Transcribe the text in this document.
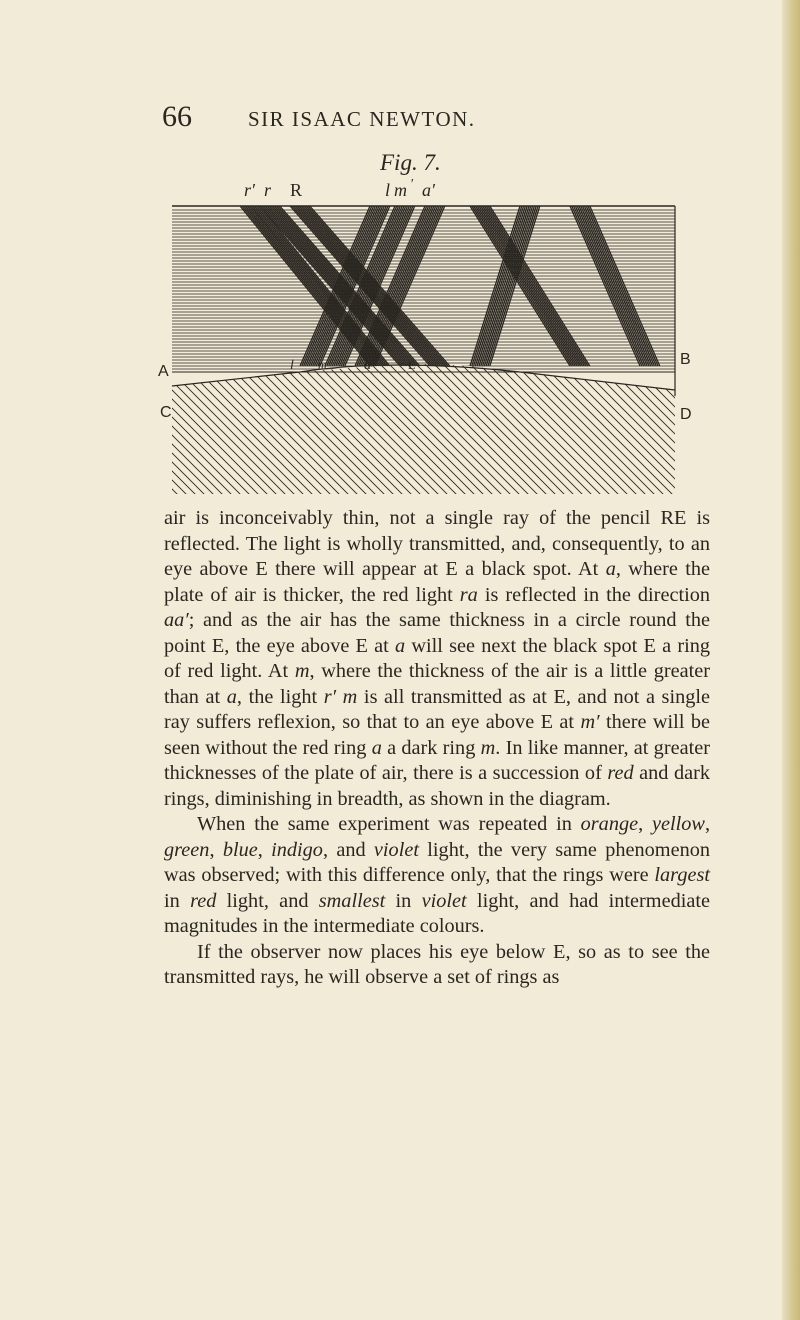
66	SIR ISAAC NEWTON.
Fig. 7.
r′ r R	l m ′ a′
A
B
C	D
l m	a	E

air is inconceivably thin, not a single ray of the pencil RE is reflected. The light is wholly transmitted, and, consequently, to an eye above E there will appear at E a black spot. At a, where the plate of air is thicker, the red light ra is reflected in the direction aa′; and as the air has the same thickness in a circle round the point E, the eye above E at a will see next the black spot E a ring of red light. At m, where the thickness of the air is a little greater than at a, the light r′ m is all transmitted as at E, and not a single ray suffers reflexion, so that to an eye above E at m′ there will be seen without the red ring a a dark ring m. In like manner, at greater thicknesses of the plate of air, there is a succession of red and dark rings, diminishing in breadth, as shown in the diagram.

When the same experiment was repeated in orange, yellow, green, blue, indigo, and violet light, the very same phenomenon was observed; with this difference only, that the rings were largest in red light, and smallest in violet light, and had intermediate magnitudes in the intermediate colours.

If the observer now places his eye below E, so as to see the transmitted rays, he will observe a set of rings as
